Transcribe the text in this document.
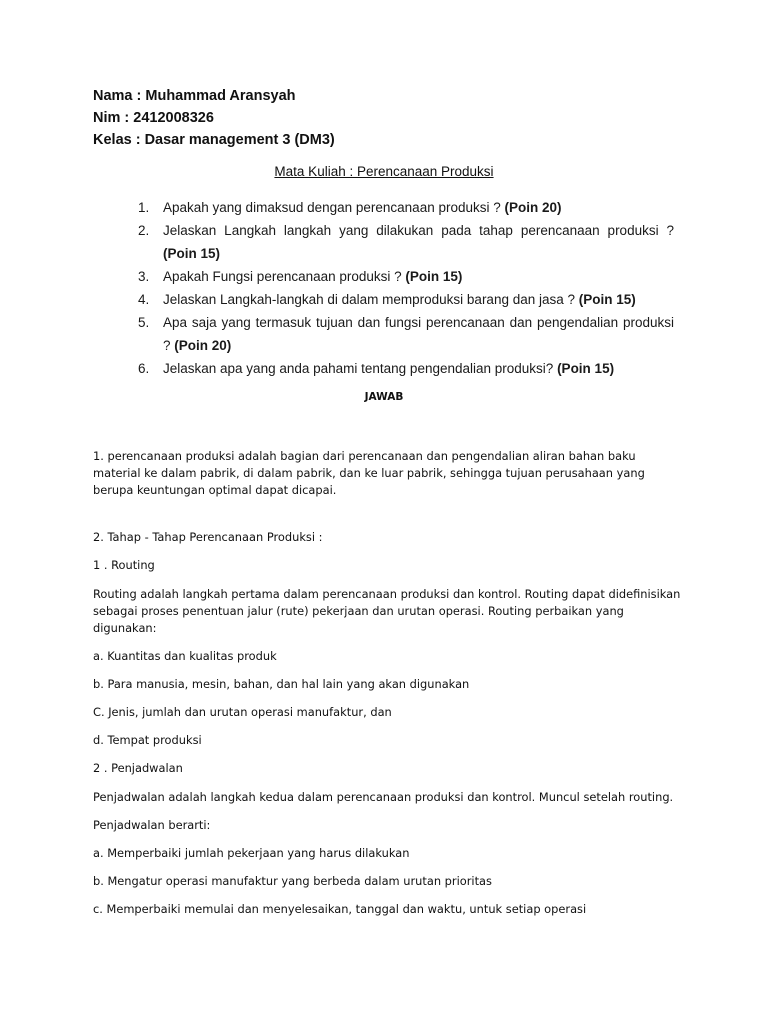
Nama : Muhammad Aransyah
Nim : 2412008326
Kelas : Dasar management 3 (DM3)
Mata Kuliah : Perencanaan Produksi
1. Apakah yang dimaksud dengan perencanaan produksi ? (Poin 20)
2. Jelaskan Langkah langkah yang dilakukan pada tahap perencanaan produksi ? (Poin 15)
3. Apakah Fungsi perencanaan produksi ? (Poin 15)
4. Jelaskan Langkah-langkah di dalam memproduksi barang dan jasa ? (Poin 15)
5. Apa saja yang termasuk tujuan dan fungsi perencanaan dan pengendalian produksi ? (Poin 20)
6. Jelaskan apa yang anda pahami tentang pengendalian produksi? (Poin 15)
JAWAB

1. perencanaan produksi adalah bagian dari perencanaan dan pengendalian aliran bahan baku material ke dalam pabrik, di dalam pabrik, dan ke luar pabrik, sehingga tujuan perusahaan yang berupa keuntungan optimal dapat dicapai.

2. Tahap - Tahap Perencanaan Produksi :

1 . Routing

Routing adalah langkah pertama dalam perencanaan produksi dan kontrol. Routing dapat didefinisikan sebagai proses penentuan jalur (rute) pekerjaan dan urutan operasi. Routing perbaikan yang digunakan:

a. Kuantitas dan kualitas produk

b. Para manusia, mesin, bahan, dan hal lain yang akan digunakan

C. Jenis, jumlah dan urutan operasi manufaktur, dan

d. Tempat produksi

2 . Penjadwalan

Penjadwalan adalah langkah kedua dalam perencanaan produksi dan kontrol. Muncul setelah routing.

Penjadwalan berarti:

a. Memperbaiki jumlah pekerjaan yang harus dilakukan

b. Mengatur operasi manufaktur yang berbeda dalam urutan prioritas

c. Memperbaiki memulai dan menyelesaikan, tanggal dan waktu, untuk setiap operasi
